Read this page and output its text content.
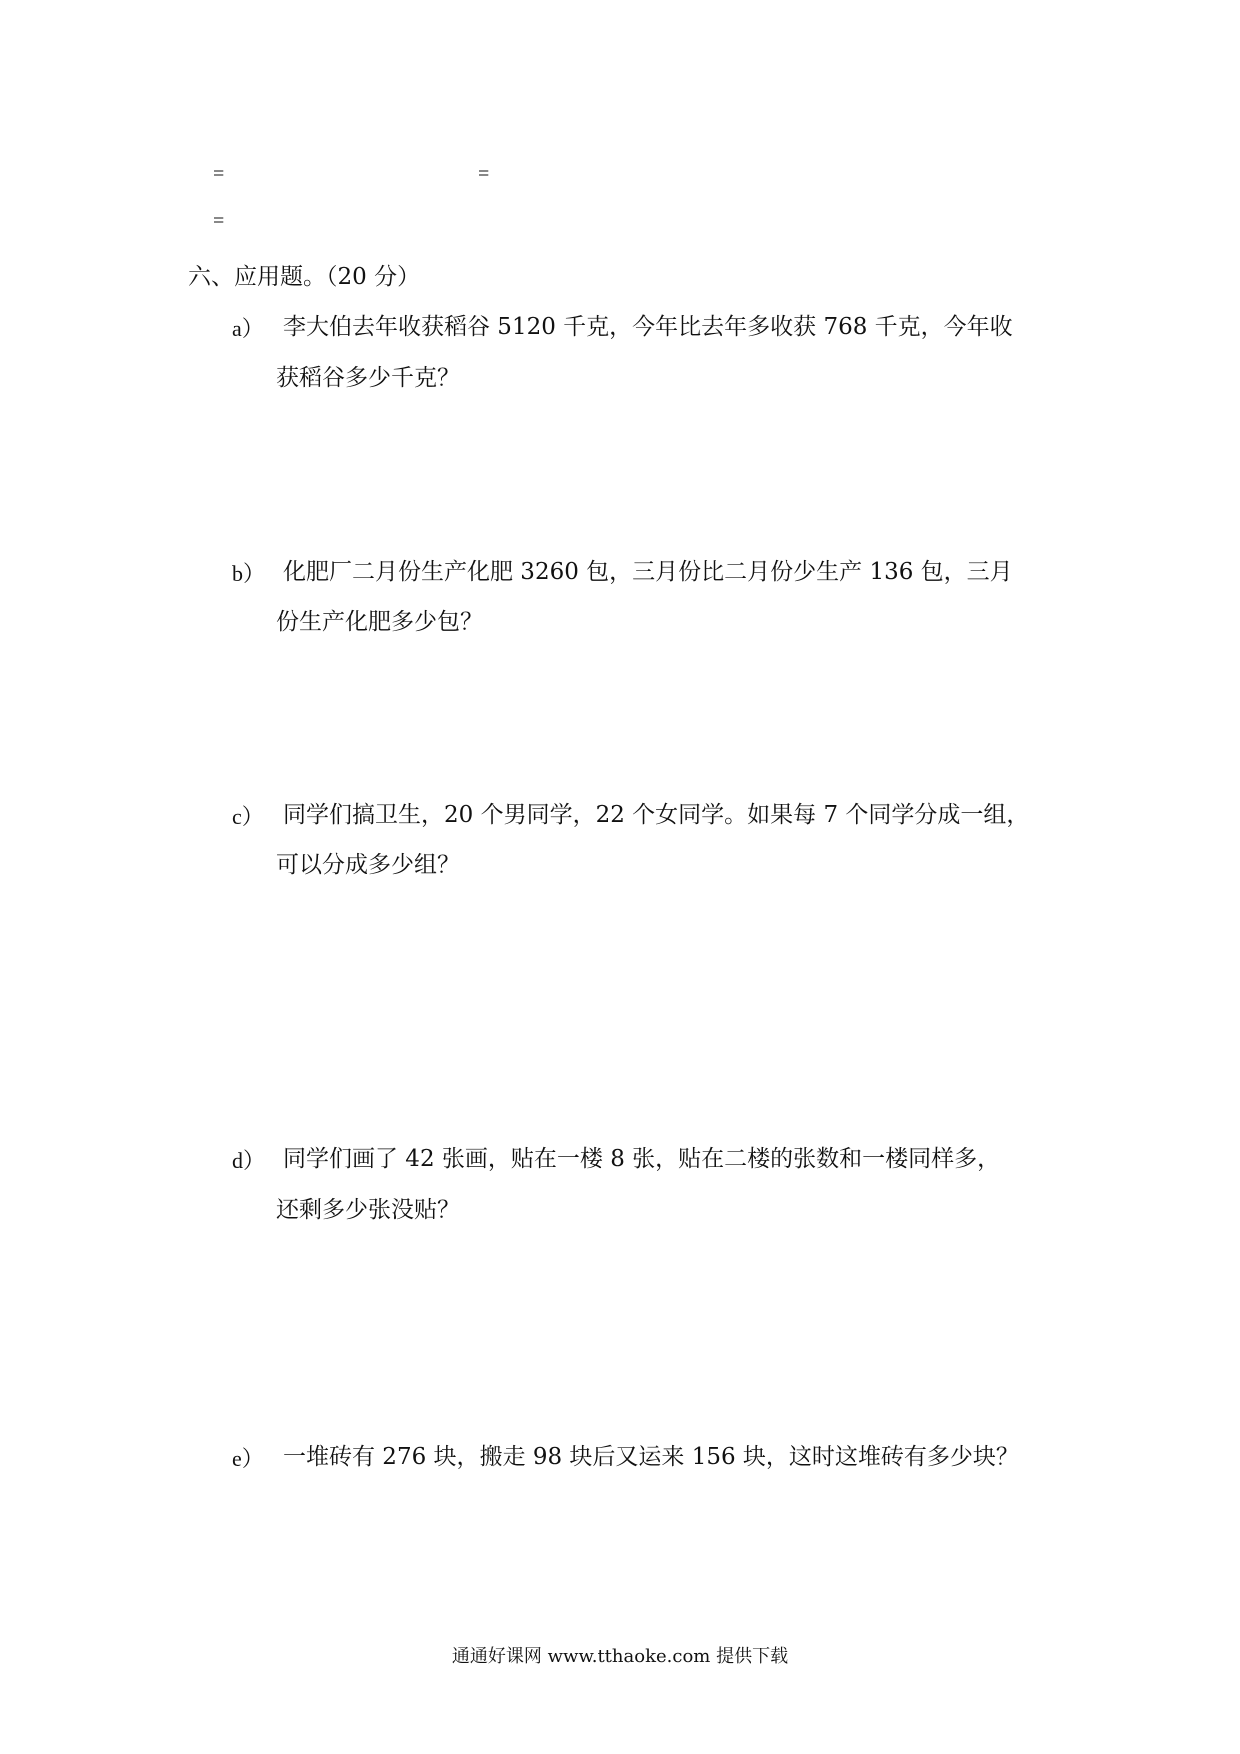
=	=
=
六、应用题。（20 分）
a） 李大伯去年收获稻谷 5120 千克，今年比去年多收获 768 千克，今年收
获稻谷多少千克？
b） 化肥厂二月份生产化肥 3260 包，三月份比二月份少生产 136 包，三月
份生产化肥多少包？
c） 同学们搞卫生，20 个男同学，22 个女同学。如果每 7 个同学分成一组，
可以分成多少组？
d） 同学们画了 42 张画，贴在一楼 8 张，贴在二楼的张数和一楼同样多，
还剩多少张没贴？
e） 一堆砖有 276 块，搬走 98 块后又运来 156 块，这时这堆砖有多少块？
通通好课网 www.tthaoke.com 提供下载
